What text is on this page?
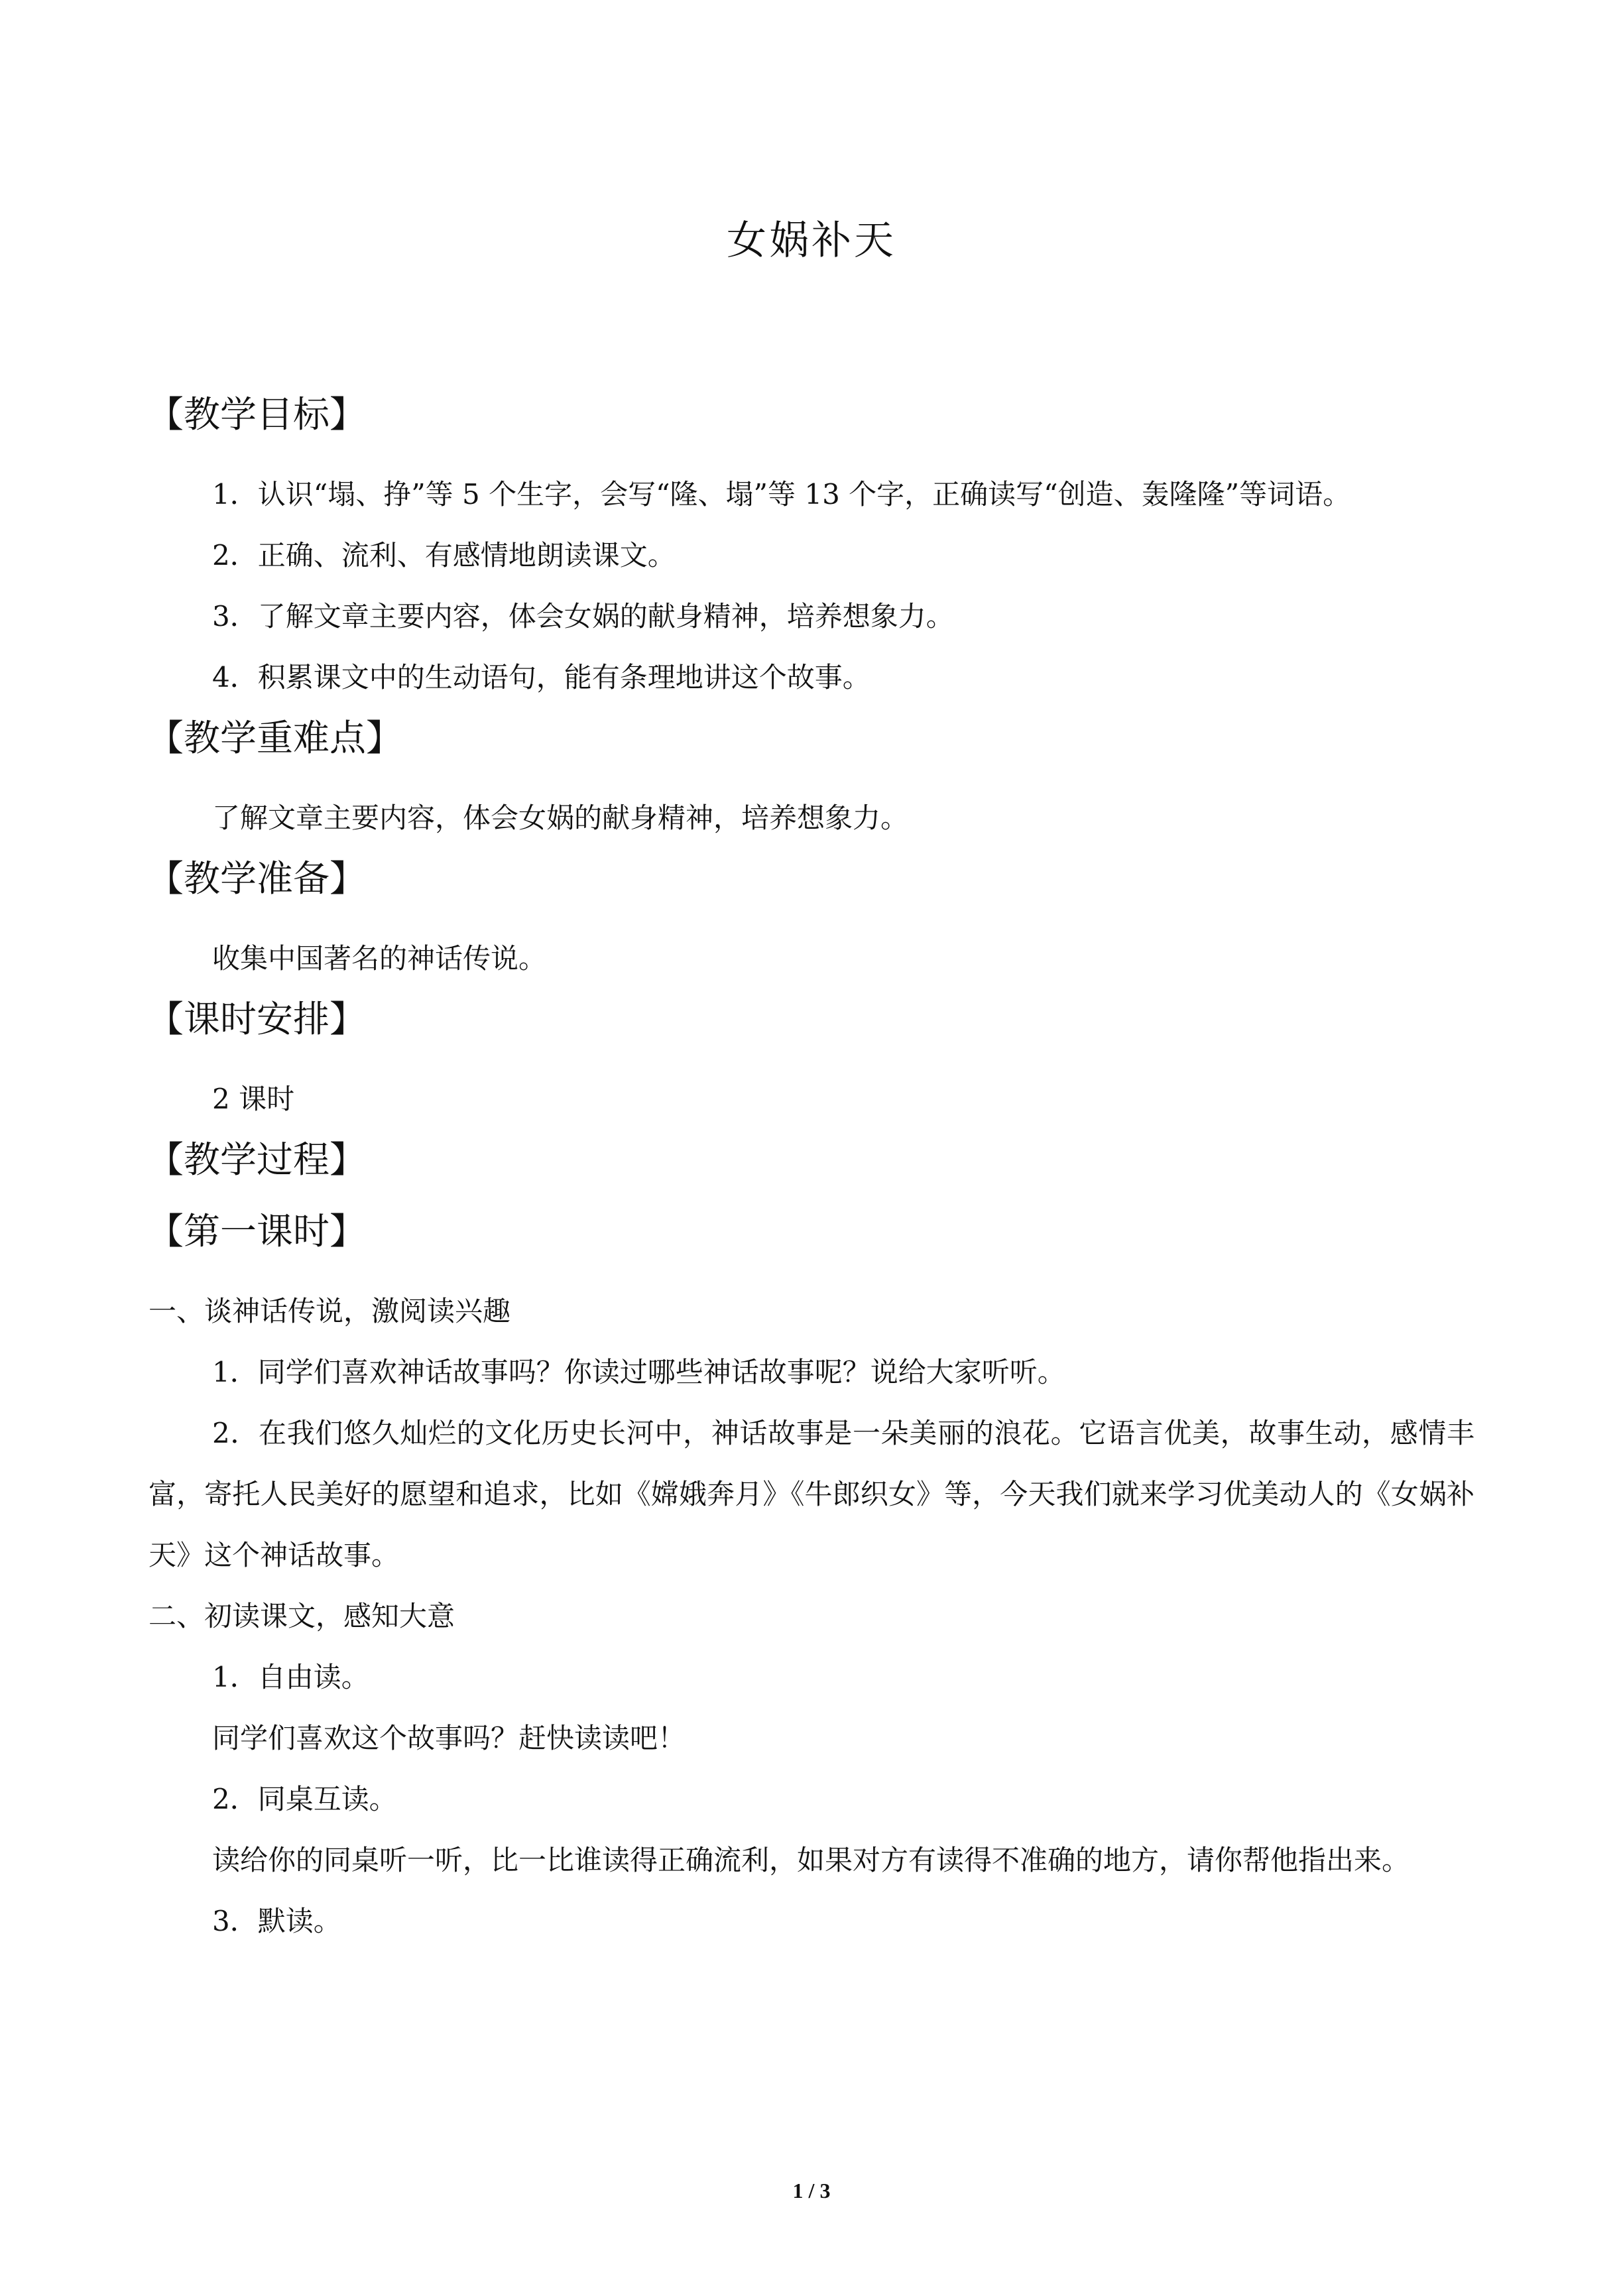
女娲补天
【教学目标】

1．认识“塌、挣”等 5 个生字，会写“隆、塌”等 13 个字，正确读写“创造、轰隆隆”等词语。

2．正确、流利、有感情地朗读课文。

3．了解文章主要内容，体会女娲的献身精神，培养想象力。

4．积累课文中的生动语句，能有条理地讲这个故事。

【教学重难点】

了解文章主要内容，体会女娲的献身精神，培养想象力。

【教学准备】

收集中国著名的神话传说。

【课时安排】

2 课时

【教学过程】
【第一课时】

一、谈神话传说，激阅读兴趣

1．同学们喜欢神话故事吗？你读过哪些神话故事呢？说给大家听听。

2．在我们悠久灿烂的文化历史长河中，神话故事是一朵美丽的浪花。它语言优美，故事生动，感情丰富，寄托人民美好的愿望和追求，比如《嫦娥奔月》《牛郎织女》等，今天我们就来学习优美动人的《女娲补天》这个神话故事。

二、初读课文，感知大意

1．自由读。

同学们喜欢这个故事吗？赶快读读吧！

2．同桌互读。

读给你的同桌听一听，比一比谁读得正确流利，如果对方有读得不准确的地方，请你帮他指出来。

3．默读。

1 / 3
